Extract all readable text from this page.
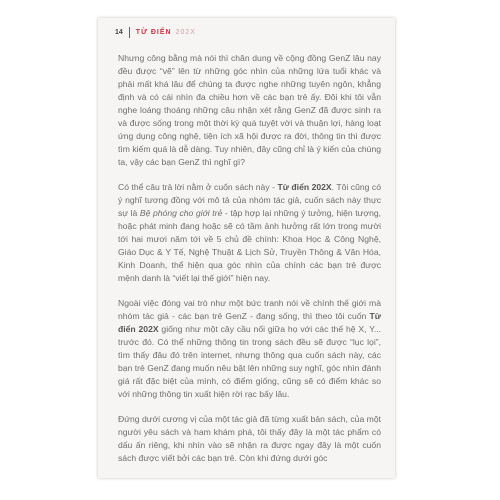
14 TỪ ĐIỂN 202X

Nhưng công bằng mà nói thì chân dung về cộng đồng GenZ lâu nay đều được “vẽ” lên từ những góc nhìn của những lứa tuổi khác và phải mất khá lâu để chúng ta được nghe những tuyên ngôn, khẳng định và có cái nhìn đa chiều hơn về các bạn trẻ ấy. Đôi khi tôi vẫn nghe loáng thoáng những câu nhận xét rằng GenZ đã được sinh ra và được sống trong một thời kỳ quá tuyệt vời và thuận lợi, hàng loạt ứng dụng công nghệ, tiện ích xã hội được ra đời, thông tin thì được tìm kiếm quá là dễ dàng. Tuy nhiên, đây cũng chỉ là ý kiến của chúng ta, vậy các bạn GenZ thì nghĩ gì?

Có thể câu trả lời nằm ở cuốn sách này - Từ điển 202X. Tôi cũng có ý nghĩ tương đồng với mô tả của nhóm tác giả, cuốn sách này thực sự là Bệ phóng cho giới trẻ - tập hợp lại những ý tưởng, hiện tượng, hoặc phát minh đang hoặc sẽ có tầm ảnh hưởng rất lớn trong mười tới hai mươi năm tới về 5 chủ đề chính: Khoa Học & Công Nghệ, Giáo Dục & Y Tế, Nghệ Thuật & Lịch Sử, Truyền Thông & Văn Hóa, Kinh Doanh, thể hiện qua góc nhìn của chính các bạn trẻ được mệnh danh là “viết lại thế giới” hiện nay.

Ngoài việc đóng vai trò như một bức tranh nói về chính thế giới mà nhóm tác giả - các bạn trẻ GenZ - đang sống, thì theo tôi cuốn Từ điển 202X giống như một cây cầu nối giữa họ với các thế hệ X, Y... trước đó. Có thể những thông tin trong sách đều sẽ được “lục lọi”, tìm thấy đâu đó trên internet, nhưng thông qua cuốn sách này, các bạn trẻ GenZ đang muốn nêu bật lên những suy nghĩ, góc nhìn đánh giá rất đặc biệt của mình, có điểm giống, cũng sẽ có điểm khác so với những thông tin xuất hiện rời rạc bấy lâu.

Đứng dưới cương vị của một tác giả đã từng xuất bản sách, của một người yêu sách và ham khám phá, tôi thấy đây là một tác phẩm có dấu ấn riêng, khi nhìn vào sẽ nhận ra được ngay đây là một cuốn sách được viết bởi các bạn trẻ. Còn khi đứng dưới góc
